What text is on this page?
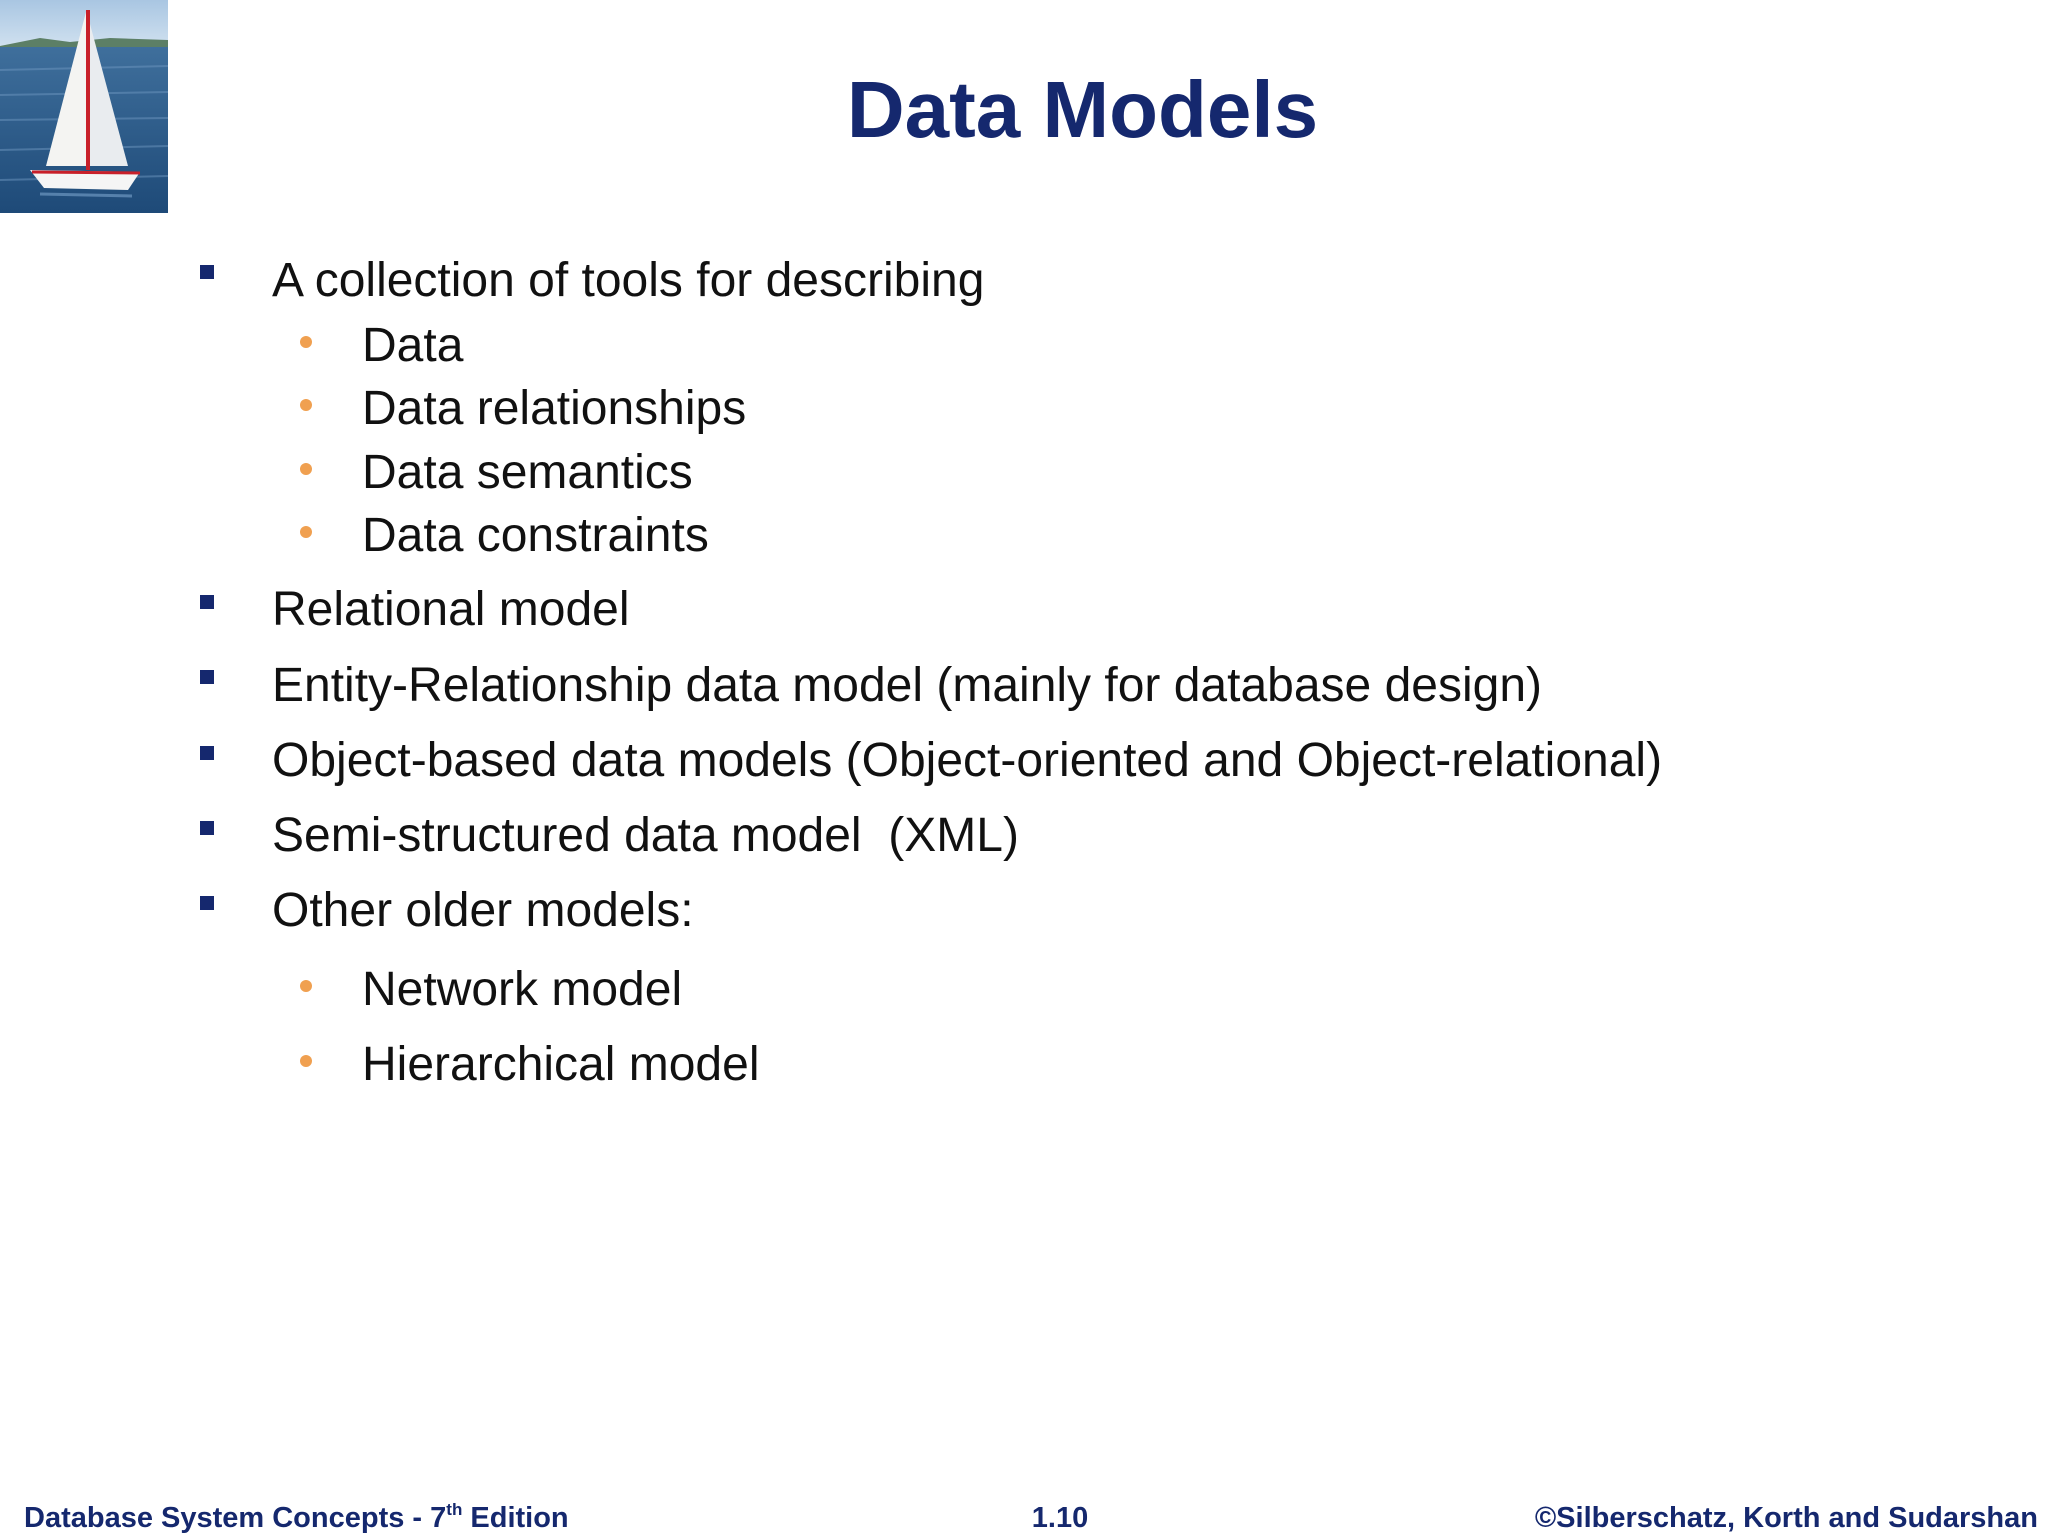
Data Models
A collection of tools for describing
Data
Data relationships
Data semantics
Data constraints
Relational model
Entity-Relationship data model (mainly for database design)
Object-based data models (Object-oriented and Object-relational)
Semi-structured data model  (XML)
Other older models:
Network model
Hierarchical model
Database System Concepts - 7th Edition	1.10	©Silberschatz, Korth and Sudarshan
